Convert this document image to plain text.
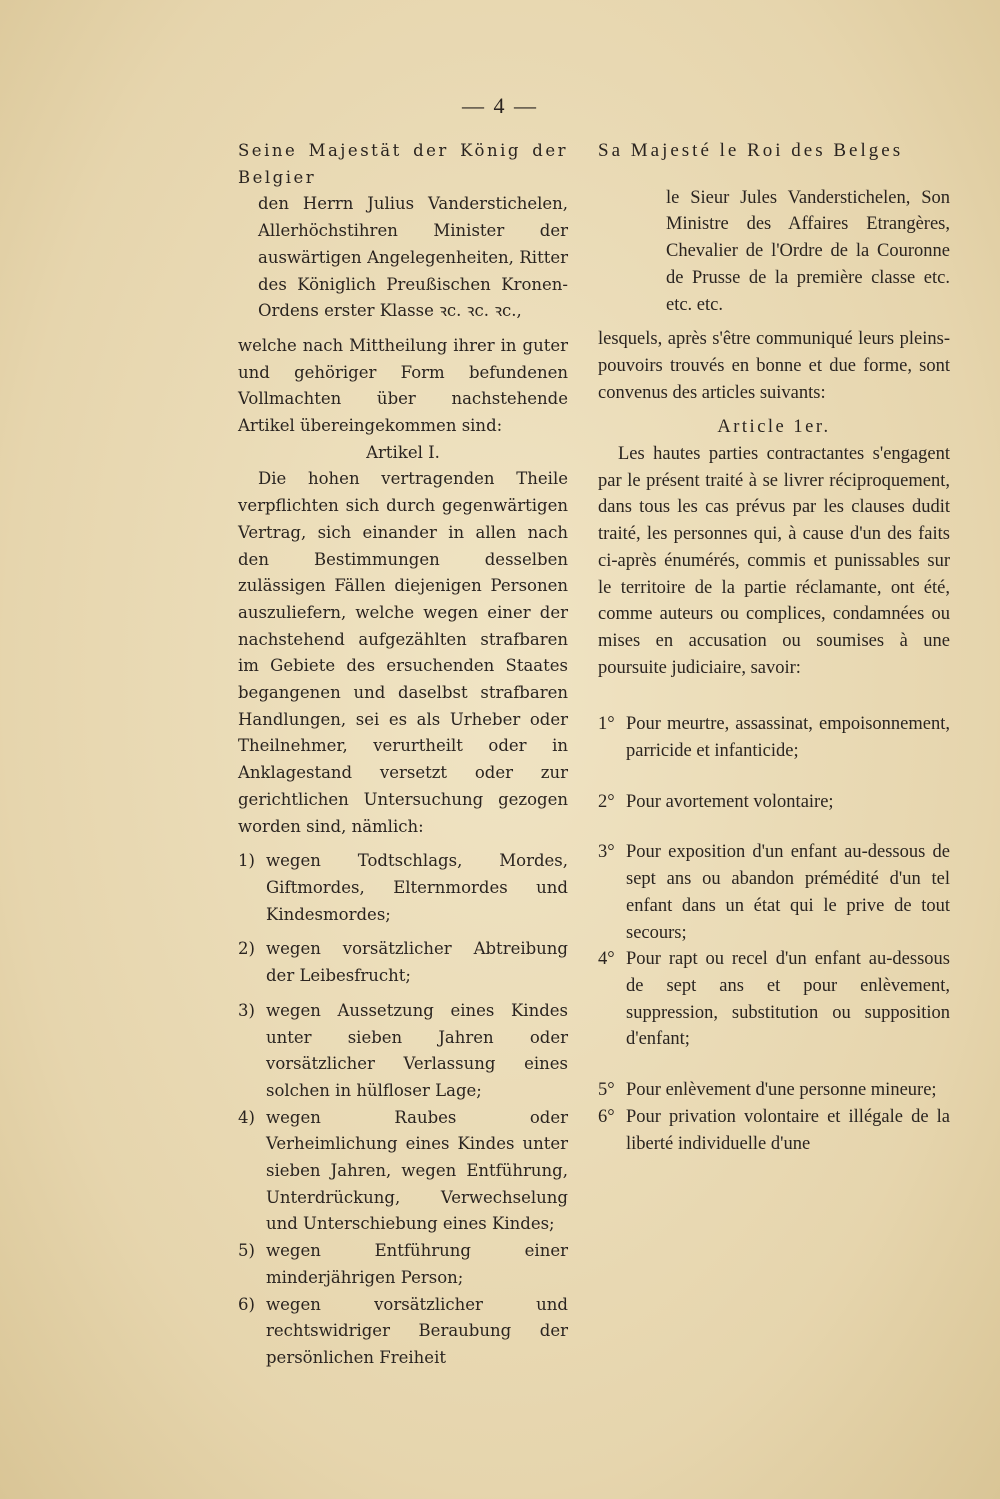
— 4 —

Seine Majestät der König der Belgier

den Herrn Julius Vanderstichelen, Allerhöchstihren Minister der auswärtigen Angelegenheiten, Ritter des Königlich Preußischen Kronen-Ordens erster Klasse ꝛc. ꝛc. ꝛc.,

welche nach Mittheilung ihrer in guter und gehöriger Form befundenen Vollmachten über nachstehende Artikel übereingekommen sind:

Artikel I.

Die hohen vertragenden Theile verpflichten sich durch gegenwärtigen Vertrag, sich einander in allen nach den Bestimmungen desselben zulässigen Fällen diejenigen Personen auszuliefern, welche wegen einer der nachstehend aufgezählten strafbaren im Gebiete des ersuchenden Staates begangenen und daselbst strafbaren Handlungen, sei es als Urheber oder Theilnehmer, verurtheilt oder in Anklagestand versetzt oder zur gerichtlichen Untersuchung gezogen worden sind, nämlich:

1) wegen Todtschlags, Mordes, Giftmordes, Elternmordes und Kindesmordes;
2) wegen vorsätzlicher Abtreibung der Leibesfrucht;
3) wegen Aussetzung eines Kindes unter sieben Jahren oder vorsätzlicher Verlassung eines solchen in hülfloser Lage;
4) wegen Raubes oder Verheimlichung eines Kindes unter sieben Jahren, wegen Entführung, Unterdrückung, Verwechselung und Unterschiebung eines Kindes;
5) wegen Entführung einer minderjährigen Person;
6) wegen vorsätzlicher und rechtswidriger Beraubung der persönlichen Freiheit

Sa Majesté le Roi des Belges

le Sieur Jules Vanderstichelen, Son Ministre des Affaires Etrangères, Chevalier de l'Ordre de la Couronne de Prusse de la première classe etc. etc. etc.

lesquels, après s'être communiqué leurs pleins-pouvoirs trouvés en bonne et due forme, sont convenus des articles suivants:

Article 1er.

Les hautes parties contractantes s'engagent par le présent traité à se livrer réciproquement, dans tous les cas prévus par les clauses dudit traité, les personnes qui, à cause d'un des faits ci-après énumérés, commis et punissables sur le territoire de la partie réclamante, ont été, comme auteurs ou complices, condamnées ou mises en accusation ou soumises à une poursuite judiciaire, savoir:

1° Pour meurtre, assassinat, empoisonnement, parricide et infanticide;
2° Pour avortement volontaire;
3° Pour exposition d'un enfant au-dessous de sept ans ou abandon prémédité d'un tel enfant dans un état qui le prive de tout secours;
4° Pour rapt ou recel d'un enfant au-dessous de sept ans et pour enlèvement, suppression, substitution ou supposition d'enfant;
5° Pour enlèvement d'une personne mineure;
6° Pour privation volontaire et illégale de la liberté individuelle d'une
